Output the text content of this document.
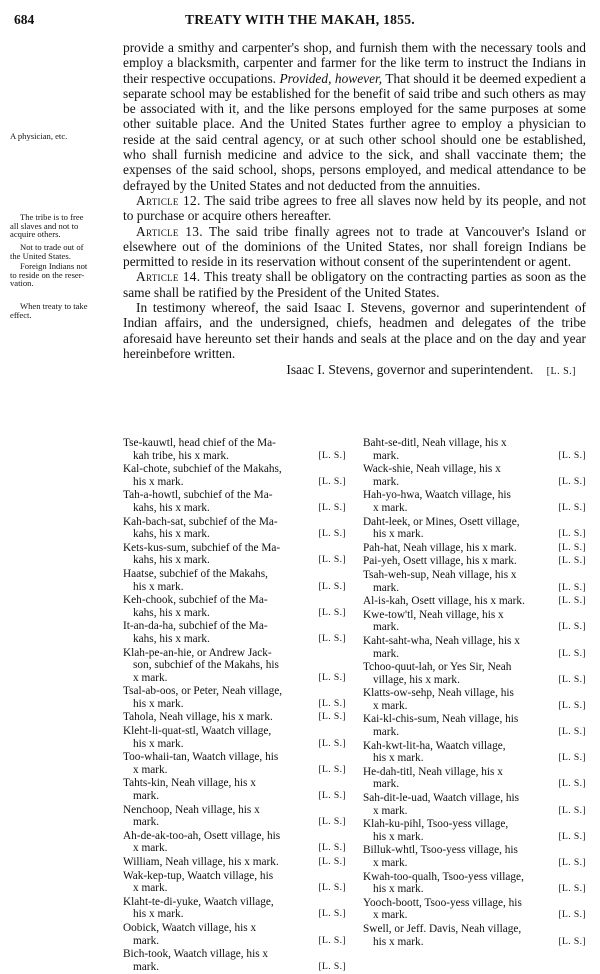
684	TREATY WITH THE MAKAH, 1855.
A physician, etc.
The tribe is to free
all slaves and not to
acquire others.
Not to trade out of
the United States.
Foreign Indians not
to reside on the reser-
vation.
When treaty to take
effect.

provide a smithy and carpenter's shop, and furnish them with the necessary tools and employ a blacksmith, carpenter and farmer for the like term to instruct the Indians in their respective occupations. Provided, however, That should it be deemed expedient a separate school may be established for the benefit of said tribe and such others as may be associated with it, and the like persons employed for the same purposes at some other suitable place. And the United States further agree to employ a physician to reside at the said central agency, or at such other school should one be established, who shall furnish medicine and advice to the sick, and shall vaccinate them; the expenses of the said school, shops, persons employed, and medical attendance to be defrayed by the United States and not deducted from the annuities.

Article 12. The said tribe agrees to free all slaves now held by its people, and not to purchase or acquire others hereafter.

Article 13. The said tribe finally agrees not to trade at Vancouver's Island or elsewhere out of the dominions of the United States, nor shall foreign Indians be permitted to reside in its reservation without consent of the superintendent or agent.

Article 14. This treaty shall be obligatory on the contracting parties as soon as the same shall be ratified by the President of the United States.

In testimony whereof, the said Isaac I. Stevens, governor and superintendent of Indian affairs, and the undersigned, chiefs, headmen and delegates of the tribe aforesaid have hereunto set their hands and seals at the place and on the day and year hereinbefore written.

Isaac I. Stevens, governor and superintendent. [L. S.]

Tse-kauwtl, head chief of the Ma-
[L. S.]
kah tribe, his x mark.
Kal-chote, subchief of the Makahs,
[L. S.]
his x mark.
Tah-a-howtl, subchief of the Ma-
[L. S.]
kahs, his x mark.
Kah-bach-sat, subchief of the Ma-
[L. S.]
kahs, his x mark.
Kets-kus-sum, subchief of the Ma-
[L. S.]
kahs, his x mark.
Haatse, subchief of the Makahs,
[L. S.]
his x mark.
Keh-chook, subchief of the Ma-
[L. S.]
kahs, his x mark.
It-an-da-ha, subchief of the Ma-
[L. S.]
kahs, his x mark.
Klah-pe-an-hie, or Andrew Jack-
son, subchief of the Makahs, his
[L. S.]
x mark.
Tsal-ab-oos, or Peter, Neah village,
[L. S.]
his x mark.
[L. S.]
Tahola, Neah village, his x mark.
Kleht-li-quat-stl, Waatch village,
[L. S.]
his x mark.
Too-whaii-tan, Waatch village, his
[L. S.]
x mark.
Tahts-kin, Neah village, his x
[L. S.]
mark.
Nenchoop, Neah village, his x
[L. S.]
mark.
Ah-de-ak-too-ah, Osett village, his
[L. S.]
x mark.
[L. S.]
William, Neah village, his x mark.
Wak-kep-tup, Waatch village, his
[L. S.]
x mark.
Klaht-te-di-yuke, Waatch village,
[L. S.]
his x mark.
Oobick, Waatch village, his x
[L. S.]
mark.
Bich-took, Waatch village, his x
[L. S.]
mark.
Baht-se-ditl, Neah village, his x
[L. S.]
mark.
Wack-shie, Neah village, his x
[L. S.]
mark.
Hah-yo-hwa, Waatch village, his
[L. S.]
x mark.
Daht-leek, or Mines, Osett village,
[L. S.]
his x mark.
[L. S.]
Pah-hat, Neah village, his x mark.
[L. S.]
Pai-yeh, Osett village, his x mark.
Tsah-weh-sup, Neah village, his x
[L. S.]
mark.
[L. S.]
Al-is-kah, Osett village, his x mark.
Kwe-tow'tl, Neah village, his x
[L. S.]
mark.
Kaht-saht-wha, Neah village, his x
[L. S.]
mark.
Tchoo-quut-lah, or Yes Sir, Neah
[L. S.]
village, his x mark.
Klatts-ow-sehp, Neah village, his
[L. S.]
x mark.
Kai-kl-chis-sum, Neah village, his
[L. S.]
mark.
Kah-kwt-lit-ha, Waatch village,
[L. S.]
his x mark.
He-dah-titl, Neah village, his x
[L. S.]
mark.
Sah-dit-le-uad, Waatch village, his
[L. S.]
x mark.
Klah-ku-pihl, Tsoo-yess village,
[L. S.]
his x mark.
Billuk-whtl, Tsoo-yess village, his
[L. S.]
x mark.
Kwah-too-qualh, Tsoo-yess village,
[L. S.]
his x mark.
Yooch-boott, Tsoo-yess village, his
[L. S.]
x mark.
Swell, or Jeff. Davis, Neah village,
[L. S.]
his x mark.
